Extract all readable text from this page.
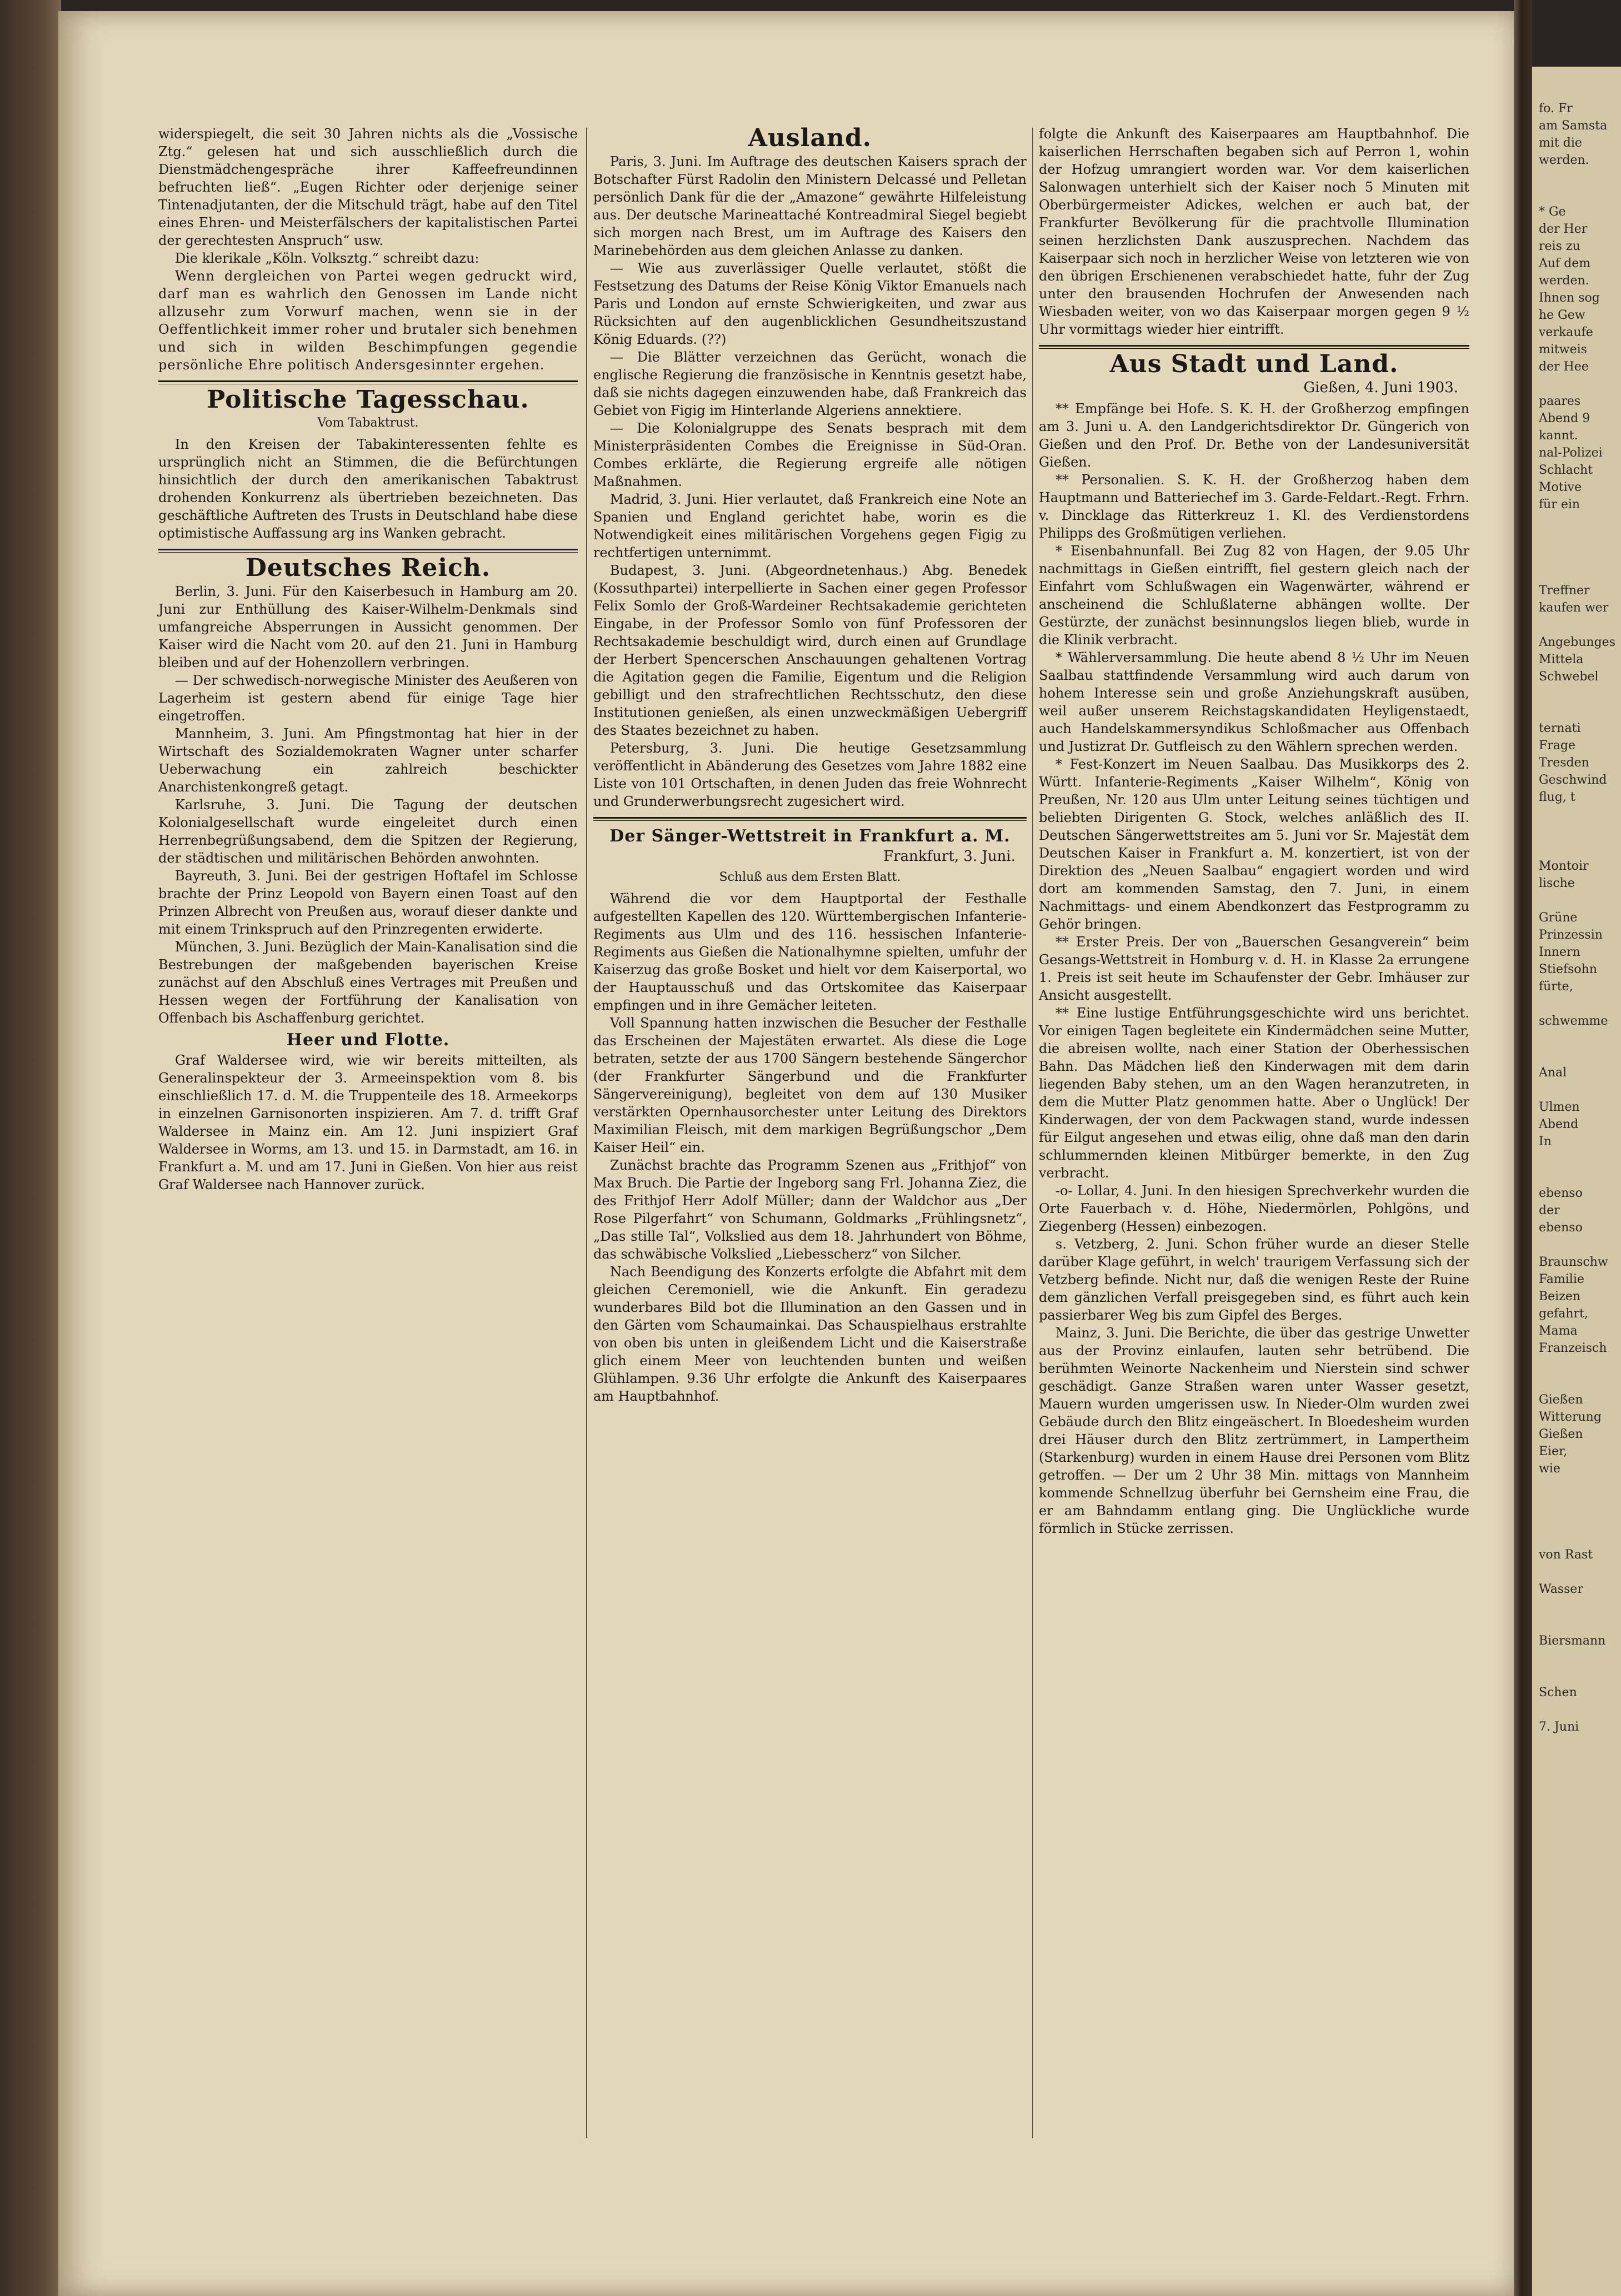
widerspiegelt, die seit 30 Jahren nichts als die „Vossische Ztg.“ gelesen hat und sich ausschließlich durch die Dienstmädchengespräche ihrer Kaffeefreundinnen befruchten ließ“. „Eugen Richter oder derjenige seiner Tintenadjutanten, der die Mitschuld trägt, habe auf den Titel eines Ehren- und Meisterfälschers der kapitalistischen Partei der gerechtesten Anspruch“ usw.

Die klerikale „Köln. Volksztg.“ schreibt dazu:

Wenn dergleichen von Partei wegen gedruckt wird, darf man es wahrlich den Genossen im Lande nicht allzusehr zum Vorwurf machen, wenn sie in der Oeffentlichkeit immer roher und brutaler sich benehmen und sich in wilden Beschimpfungen gegendie persönliche Ehre politisch Andersgesinnter ergehen.

Politische Tagesschau.
Vom Tabaktrust.

In den Kreisen der Tabakinteressenten fehlte es ursprünglich nicht an Stimmen, die die Befürchtungen hinsichtlich der durch den amerikanischen Tabaktrust drohenden Konkurrenz als übertrieben bezeichneten. Das geschäftliche Auftreten des Trusts in Deutschland habe diese optimistische Auffassung arg ins Wanken gebracht.

Deutsches Reich.

Berlin, 3. Juni. Für den Kaiserbesuch in Hamburg am 20. Juni zur Enthüllung des Kaiser-Wilhelm-Denkmals sind umfangreiche Absperrungen in Aussicht genommen. Der Kaiser wird die Nacht vom 20. auf den 21. Juni in Hamburg bleiben und auf der Hohenzollern verbringen.

— Der schwedisch-norwegische Minister des Aeußeren von Lagerheim ist gestern abend für einige Tage hier eingetroffen.

Mannheim, 3. Juni. Am Pfingstmontag hat hier in der Wirtschaft des Sozialdemokraten Wagner unter scharfer Ueberwachung ein zahlreich beschickter Anarchistenkongreß getagt.

Karlsruhe, 3. Juni. Die Tagung der deutschen Kolonialgesellschaft wurde eingeleitet durch einen Herrenbegrüßungsabend, dem die Spitzen der Regierung, der städtischen und militärischen Behörden anwohnten.

Bayreuth, 3. Juni. Bei der gestrigen Hoftafel im Schlosse brachte der Prinz Leopold von Bayern einen Toast auf den Prinzen Albrecht von Preußen aus, worauf dieser dankte und mit einem Trinkspruch auf den Prinzregenten erwiderte.

München, 3. Juni. Bezüglich der Main-Kanalisation sind die Bestrebungen der maßgebenden bayerischen Kreise zunächst auf den Abschluß eines Vertrages mit Preußen und Hessen wegen der Fortführung der Kanalisation von Offenbach bis Aschaffenburg gerichtet.

Heer und Flotte.

Graf Waldersee wird, wie wir bereits mitteilten, als Generalinspekteur der 3. Armeeinspektion vom 8. bis einschließlich 17. d. M. die Truppenteile des 18. Armeekorps in einzelnen Garnisonorten inspizieren. Am 7. d. trifft Graf Waldersee in Mainz ein. Am 12. Juni inspiziert Graf Waldersee in Worms, am 13. und 15. in Darmstadt, am 16. in Frankfurt a. M. und am 17. Juni in Gießen. Von hier aus reist Graf Waldersee nach Hannover zurück.

Ausland.

Paris, 3. Juni. Im Auftrage des deutschen Kaisers sprach der Botschafter Fürst Radolin den Ministern Delcassé und Pelletan persönlich Dank für die der „Amazone“ gewährte Hilfeleistung aus. Der deutsche Marineattaché Kontreadmiral Siegel begiebt sich morgen nach Brest, um im Auftrage des Kaisers den Marinebehörden aus dem gleichen Anlasse zu danken.

— Wie aus zuverlässiger Quelle verlautet, stößt die Festsetzung des Datums der Reise König Viktor Emanuels nach Paris und London auf ernste Schwierigkeiten, und zwar aus Rücksichten auf den augenblicklichen Gesundheitszustand König Eduards. (??)

— Die Blätter verzeichnen das Gerücht, wonach die englische Regierung die französische in Kenntnis gesetzt habe, daß sie nichts dagegen einzuwenden habe, daß Frankreich das Gebiet von Figig im Hinterlande Algeriens annektiere.

— Die Kolonialgruppe des Senats besprach mit dem Ministerpräsidenten Combes die Ereignisse in Süd-Oran. Combes erklärte, die Regierung ergreife alle nötigen Maßnahmen.

Madrid, 3. Juni. Hier verlautet, daß Frankreich eine Note an Spanien und England gerichtet habe, worin es die Notwendigkeit eines militärischen Vorgehens gegen Figig zu rechtfertigen unternimmt.

Budapest, 3. Juni. (Abgeordnetenhaus.) Abg. Benedek (Kossuthpartei) interpellierte in Sachen einer gegen Professor Felix Somlo der Groß-Wardeiner Rechtsakademie gerichteten Eingabe, in der Professor Somlo von fünf Professoren der Rechtsakademie beschuldigt wird, durch einen auf Grundlage der Herbert Spencerschen Anschauungen gehaltenen Vortrag die Agitation gegen die Familie, Eigentum und die Religion gebilligt und den strafrechtlichen Rechtsschutz, den diese Institutionen genießen, als einen unzweckmäßigen Uebergriff des Staates bezeichnet zu haben.

Petersburg, 3. Juni. Die heutige Gesetzsammlung veröffentlicht in Abänderung des Gesetzes vom Jahre 1882 eine Liste von 101 Ortschaften, in denen Juden das freie Wohnrecht und Grunderwerbungsrecht zugesichert wird.

Der Sänger-Wettstreit in Frankfurt a. M.
Frankfurt, 3. Juni.
Schluß aus dem Ersten Blatt.

Während die vor dem Hauptportal der Festhalle aufgestellten Kapellen des 120. Württembergischen Infanterie-Regiments aus Ulm und des 116. hessischen Infanterie-Regiments aus Gießen die Nationalhymne spielten, umfuhr der Kaiserzug das große Bosket und hielt vor dem Kaiserportal, wo der Hauptausschuß und das Ortskomitee das Kaiserpaar empfingen und in ihre Gemächer leiteten.

Voll Spannung hatten inzwischen die Besucher der Festhalle das Erscheinen der Majestäten erwartet. Als diese die Loge betraten, setzte der aus 1700 Sängern bestehende Sängerchor (der Frankfurter Sängerbund und die Frankfurter Sängervereinigung), begleitet von dem auf 130 Musiker verstärkten Opernhausorchester unter Leitung des Direktors Maximilian Fleisch, mit dem markigen Begrüßungschor „Dem Kaiser Heil“ ein.

Zunächst brachte das Programm Szenen aus „Frithjof“ von Max Bruch. Die Partie der Ingeborg sang Frl. Johanna Ziez, die des Frithjof Herr Adolf Müller; dann der Waldchor aus „Der Rose Pilgerfahrt“ von Schumann, Goldmarks „Frühlingsnetz“, „Das stille Tal“, Volkslied aus dem 18. Jahrhundert von Böhme, das schwäbische Volkslied „Liebesscherz“ von Silcher.

Nach Beendigung des Konzerts erfolgte die Abfahrt mit dem gleichen Ceremoniell, wie die Ankunft. Ein geradezu wunderbares Bild bot die Illumination an den Gassen und in den Gärten vom Schaumainkai. Das Schauspielhaus erstrahlte von oben bis unten in gleißendem Licht und die Kaiserstraße glich einem Meer von leuchtenden bunten und weißen Glühlampen. 9.36 Uhr erfolgte die Ankunft des Kaiserpaares am Hauptbahnhof.

folgte die Ankunft des Kaiserpaares am Hauptbahnhof. Die kaiserlichen Herrschaften begaben sich auf Perron 1, wohin der Hofzug umrangiert worden war. Vor dem kaiserlichen Salonwagen unterhielt sich der Kaiser noch 5 Minuten mit Oberbürgermeister Adickes, welchen er auch bat, der Frankfurter Bevölkerung für die prachtvolle Illumination seinen herzlichsten Dank auszusprechen. Nachdem das Kaiserpaar sich noch in herzlicher Weise von letzteren wie von den übrigen Erschienenen verabschiedet hatte, fuhr der Zug unter den brausenden Hochrufen der Anwesenden nach Wiesbaden weiter, von wo das Kaiserpaar morgen gegen 9 ½ Uhr vormittags wieder hier eintrifft.

Aus Stadt und Land.
Gießen, 4. Juni 1903.

** Empfänge bei Hofe. S. K. H. der Großherzog empfingen am 3. Juni u. A. den Landgerichtsdirektor Dr. Güngerich von Gießen und den Prof. Dr. Bethe von der Landesuniversität Gießen.

** Personalien. S. K. H. der Großherzog haben dem Hauptmann und Batteriechef im 3. Garde-Feldart.-Regt. Frhrn. v. Dincklage das Ritterkreuz 1. Kl. des Verdienstordens Philipps des Großmütigen verliehen.

* Eisenbahnunfall. Bei Zug 82 von Hagen, der 9.05 Uhr nachmittags in Gießen eintrifft, fiel gestern gleich nach der Einfahrt vom Schlußwagen ein Wagenwärter, während er anscheinend die Schlußlaterne abhängen wollte. Der Gestürzte, der zunächst besinnungslos liegen blieb, wurde in die Klinik verbracht.

* Wählerversammlung. Die heute abend 8 ½ Uhr im Neuen Saalbau stattfindende Versammlung wird auch darum von hohem Interesse sein und große Anziehungskraft ausüben, weil außer unserem Reichstagskandidaten Heyligenstaedt, auch Handelskammersyndikus Schloßmacher aus Offenbach und Justizrat Dr. Gutfleisch zu den Wählern sprechen werden.

* Fest-Konzert im Neuen Saalbau. Das Musikkorps des 2. Württ. Infanterie-Regiments „Kaiser Wilhelm“, König von Preußen, Nr. 120 aus Ulm unter Leitung seines tüchtigen und beliebten Dirigenten G. Stock, welches anläßlich des II. Deutschen Sängerwettstreites am 5. Juni vor Sr. Majestät dem Deutschen Kaiser in Frankfurt a. M. konzertiert, ist von der Direktion des „Neuen Saalbau“ engagiert worden und wird dort am kommenden Samstag, den 7. Juni, in einem Nachmittags- und einem Abendkonzert das Festprogramm zu Gehör bringen.

** Erster Preis. Der von „Bauerschen Gesangverein“ beim Gesangs-Wettstreit in Homburg v. d. H. in Klasse 2a errungene 1. Preis ist seit heute im Schaufenster der Gebr. Imhäuser zur Ansicht ausgestellt.

** Eine lustige Entführungsgeschichte wird uns berichtet. Vor einigen Tagen begleitete ein Kindermädchen seine Mutter, die abreisen wollte, nach einer Station der Oberhessischen Bahn. Das Mädchen ließ den Kinderwagen mit dem darin liegenden Baby stehen, um an den Wagen heranzutreten, in dem die Mutter Platz genommen hatte. Aber o Unglück! Der Kinderwagen, der von dem Packwagen stand, wurde indessen für Eilgut angesehen und etwas eilig, ohne daß man den darin schlummernden kleinen Mitbürger bemerkte, in den Zug verbracht.

-o- Lollar, 4. Juni. In den hiesigen Sprechverkehr wurden die Orte Fauerbach v. d. Höhe, Niedermörlen, Pohlgöns, und Ziegenberg (Hessen) einbezogen.

s. Vetzberg, 2. Juni. Schon früher wurde an dieser Stelle darüber Klage geführt, in welch' traurigem Verfassung sich der Vetzberg befinde. Nicht nur, daß die wenigen Reste der Ruine dem gänzlichen Verfall preisgegeben sind, es führt auch kein passierbarer Weg bis zum Gipfel des Berges.

Mainz, 3. Juni. Die Berichte, die über das gestrige Unwetter aus der Provinz einlaufen, lauten sehr betrübend. Die berühmten Weinorte Nackenheim und Nierstein sind schwer geschädigt. Ganze Straßen waren unter Wasser gesetzt, Mauern wurden umgerissen usw. In Nieder-Olm wurden zwei Gebäude durch den Blitz eingeäschert. In Bloedesheim wurden drei Häuser durch den Blitz zertrümmert, in Lampertheim (Starkenburg) wurden in einem Hause drei Personen vom Blitz getroffen. — Der um 2 Uhr 38 Min. mittags von Mannheim kommende Schnellzug überfuhr bei Gernsheim eine Frau, die er am Bahndamm entlang ging. Die Unglückliche wurde förmlich in Stücke zerrissen.

fo. Fr
am Samsta
mit die
werden.

* Ge
der Her
reis zu
Auf dem
werden.
Ihnen sog
he Gew
verkaufe
mitweis
der Hee

paares
Abend 9
kannt.
nal-Polizei
Schlacht
Motive
für ein

Treffner
kaufen wer

Angebunges
Mittela
Schwebel

ternati
Frage
Tresden
Geschwind
flug, t

Montoir
lische

Grüne
Prinzessin
Innern
Stiefsohn
fürte,

schwemme

Anal

Ulmen
Abend
In

ebenso
der
ebenso

Braunschw
Familie
Beizen
gefahrt,
Mama
Franzeisch

Gießen
Witterung
Gießen
Eier,
wie

von Rast

Wasser

Biersmann

Schen

7. Juni
